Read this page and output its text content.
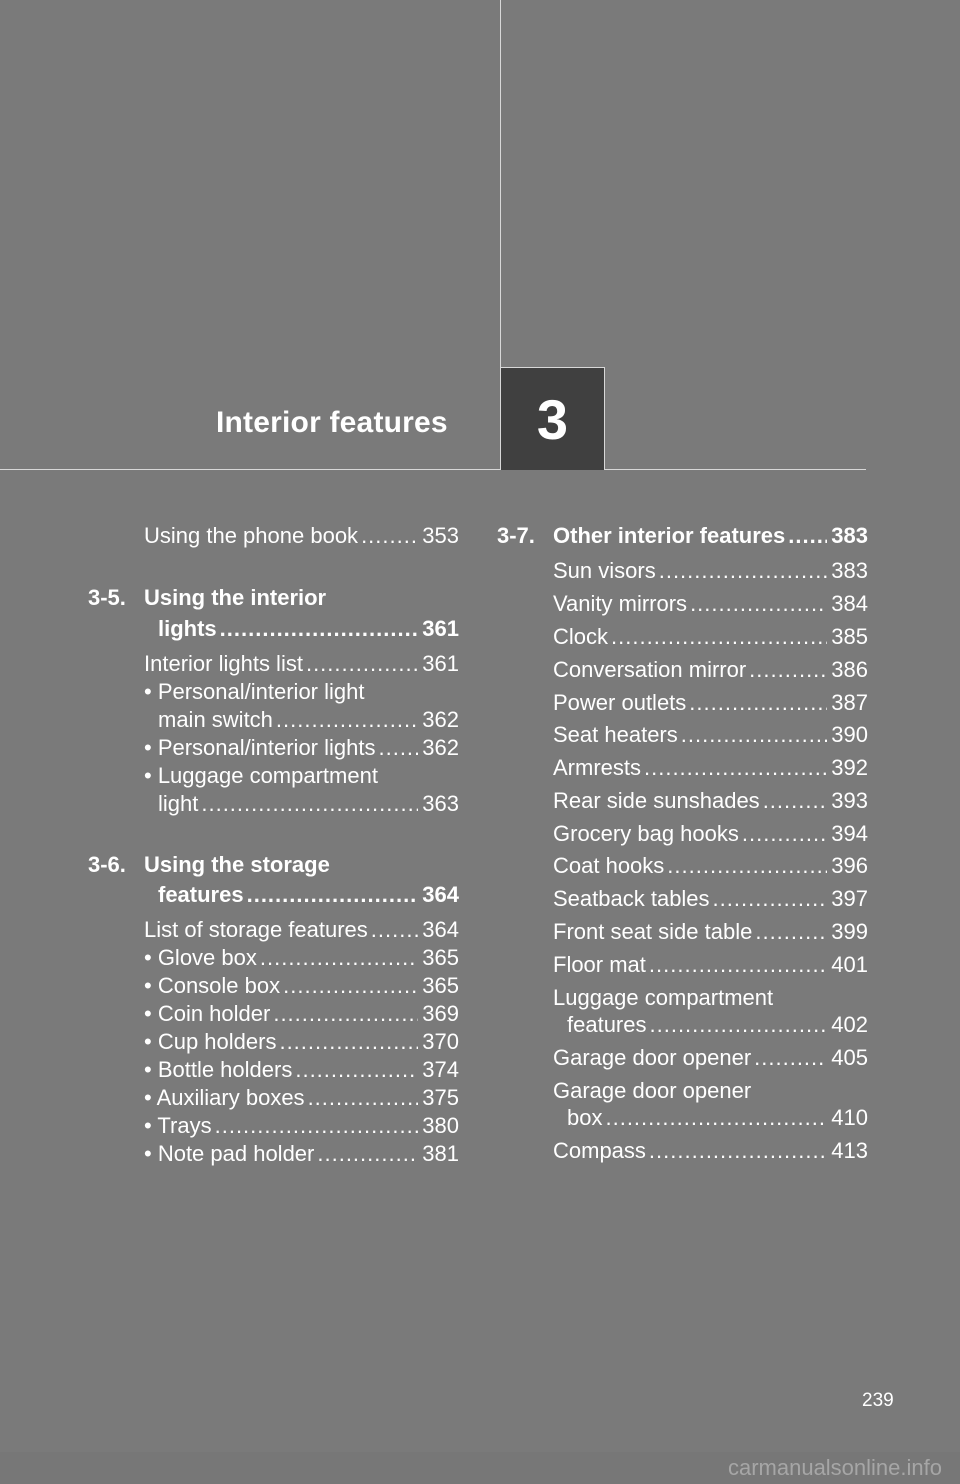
Interior features	3
Using the phone book .....	353
3-5. Using the interior
lights .....	361
Interior lights list .....	361
• Personal/interior light
main switch .....	362
• Personal/interior lights ..... 362
• Luggage compartment
light .....	363
3-6. Using the storage
features .....	364
List of storage features ..... 364
• Glove box .....	365
• Console box .....	365
• Coin holder .....	369
• Cup holders .....	370
• Bottle holders .....	374
• Auxiliary boxes .....	375
• Trays .....	380
• Note pad holder .....	381
3-7. Other interior features ..... 383
Sun visors .....	383
Vanity mirrors .....	384
Clock .....	385
Conversation mirror .....	386
Power outlets .....	387
Seat heaters .....	390
Armrests .....	392
Rear side sunshades .....	393
Grocery bag hooks .....	394
Coat hooks .....	396
Seatback tables .....	397
Front seat side table .....	399
Floor mat .....	401
Luggage compartment
features .....	402
Garage door opener .....	405
Garage door opener
box .....	410
Compass .....	413
239
carmanualsonline.info
